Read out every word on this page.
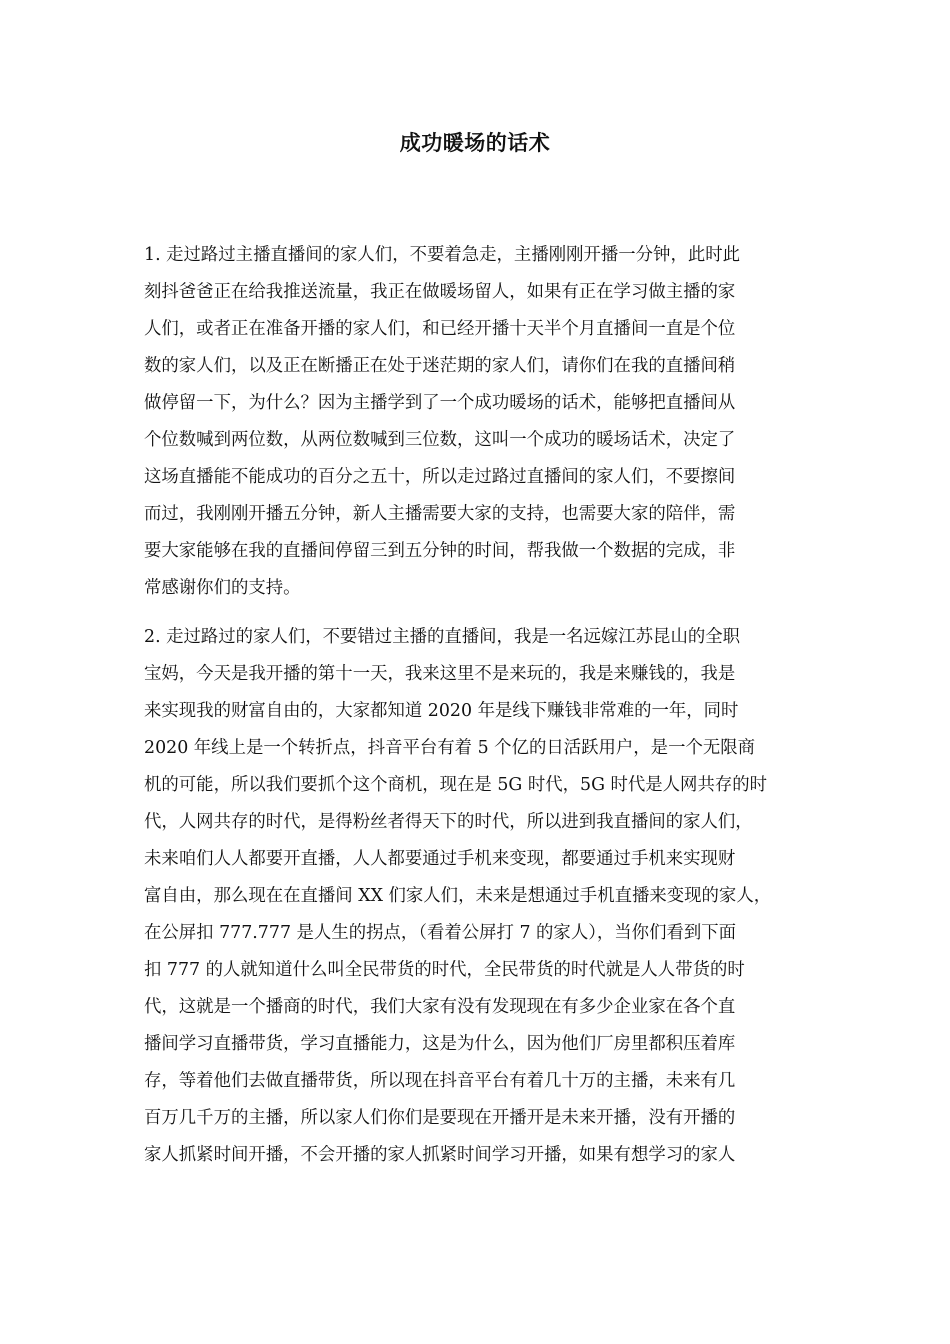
成功暖场的话术
1. 走过路过主播直播间的家人们，不要着急走，主播刚刚开播一分钟，此时此
刻抖爸爸正在给我推送流量，我正在做暖场留人，如果有正在学习做主播的家
人们，或者正在准备开播的家人们，和已经开播十天半个月直播间一直是个位
数的家人们，以及正在断播正在处于迷茫期的家人们，请你们在我的直播间稍
做停留一下，为什么？因为主播学到了一个成功暖场的话术，能够把直播间从
个位数喊到两位数，从两位数喊到三位数，这叫一个成功的暖场话术，决定了
这场直播能不能成功的百分之五十，所以走过路过直播间的家人们，不要擦间
而过，我刚刚开播五分钟，新人主播需要大家的支持，也需要大家的陪伴，需
要大家能够在我的直播间停留三到五分钟的时间，帮我做一个数据的完成，非
常感谢你们的支持。
2. 走过路过的家人们，不要错过主播的直播间，我是一名远嫁江苏昆山的全职
宝妈，今天是我开播的第十一天，我来这里不是来玩的，我是来赚钱的，我是
来实现我的财富自由的，大家都知道 2020 年是线下赚钱非常难的一年，同时
2020 年线上是一个转折点，抖音平台有着 5 个亿的日活跃用户，是一个无限商
机的可能，所以我们要抓个这个商机，现在是 5G 时代，5G 时代是人网共存的时
代，人网共存的时代，是得粉丝者得天下的时代，所以进到我直播间的家人们，
未来咱们人人都要开直播，人人都要通过手机来变现，都要通过手机来实现财
富自由，那么现在在直播间 XX 们家人们，未来是想通过手机直播来变现的家人，
在公屏扣 777.777 是人生的拐点，（看着公屏打 7 的家人），当你们看到下面
扣 777 的人就知道什么叫全民带货的时代，全民带货的时代就是人人带货的时
代，这就是一个播商的时代，我们大家有没有发现现在有多少企业家在各个直
播间学习直播带货，学习直播能力，这是为什么，因为他们厂房里都积压着库
存，等着他们去做直播带货，所以现在抖音平台有着几十万的主播，未来有几
百万几千万的主播，所以家人们你们是要现在开播开是未来开播，没有开播的
家人抓紧时间开播，不会开播的家人抓紧时间学习开播，如果有想学习的家人
